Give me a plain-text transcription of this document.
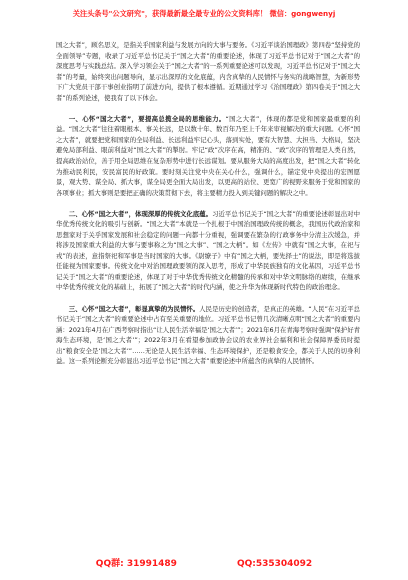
关注头条号"公文研究"，获得最新最全最专业的公文资料库！ 微信：gongwenyj

国之大者”，顾名思义，是指关乎国家利益与发展方向的大事与要务。《习近平谈治国理政》第四卷“坚持党的全面领导”专题，收录了习近平总书记关于“国之大者”的重要论述，体现了习近平总书记对于“国之大者”的深度思考与实践总结。深入学习领会关于“国之大者”的一系列重要论述可以发现，习近平总书记对于“国之大者”的考量，始终突出问题导向，显示出深厚的文化底蕴，内含真挚的人民情怀与务实的战略智慧，为新形势下广大党员干部干事创业指明了前进方向，提供了根本遵循。近期通过学习《治国理政》第四卷关于“国之大者”的系列论述，使我有了以下体会。

一、心怀“国之大者”，要提高总揽全局的思维能力。“国之大者”，体现的都是党和国家最重要的利益。“国之大者”往往着眼根本、事关长远，是以数十年、数百年乃至上千年来审视解决的重大问题。心怀“国之大者”，就要把党和国家的全局利益、长远利益牢记心头，落到实处，要有大智慧、大担当、大格局，坚决避免局部利益、眼前利益对“国之大者”的掣肘。牢记“政”次序在高，精准的、“政”次序的管理是人类自然，提高政治站位，善于用全局思维在复杂形势中进行长远谋划。要从服务大局的高度出发，把“国之大者”转化为推动民利民，安民富民的好政策。要时刻关注党中央在关心什么，强调什么，锚定党中央提出的宏图愿景，观大势、谋全局、抓大事，谋全局更全面大局出发，以更高的站位、更宽广的视野来服务于党和国家的各项事业；抓大事则是要把正确的决策贯彻下去，将主要精力投入到关键问题的解决之中。

二、心怀“国之大者”，体现深厚的传统文化底蕴。习近平总书记关于“国之大者”的重要论述彰显出对中华优秀传统文化的吸引与创新。“国之大者”本就是一个扎根于中国治国理政传统的概念，我国历代政治家和思想家对于关乎国家发展和社会稳定的问题一向都十分重视，强调要在繁杂的行政事务中分清主次缓急，并将涉及国家重大利益的大事与要事称之为“国之大事”、“国之大柄”。如《左传》中就有“国之大事，在祀与戎”的表述，意指祭祀和军事是当时国家的大事。《尉缭子》中有“国之大柄，要先择士”的说法，即是将选拔任能视为国家要事。传统文化中对治国理政要领的深入思考，形成了中华民族独有的文化基因，习近平总书记关于“国之大者”的重要论述，体现了对于中华优秀传统文化精髓的传承和对中华文明脉络的赓续，在继承中华优秀传统文化的基础上，拓展了“国之大者”的时代内涵，使之升华为体现新时代特色的政治理念。

三、心怀“国之大者”，彰显真挚的为民情怀。人民是历史的创造者，是真正的英雄。“人民”在习近平总书记关于“国之大者”的重要论述中占有至关重要的地位。习近平总书记曾几次清晰点明“国之大者”的重要内涵：2021年4月在广西考察时指出“让人民生活幸福是‘国之大者’”；2021年6月在青海考察时强调“保护好青海生态环境，是‘国之大者’”；2022年3月在看望参加政协会议的农业界社会福利和社会保障界委员时提出“粮食安全是‘国之大者’”……无论是人民生活幸福、生态环境保护，还是粮食安全，都关于人民的切身利益。这一系列论断充分彰显出习近平总书记“国之大者”重要论述中所蕴含的真挚的人民情怀。

QQ群: 31991489	QQ:535304092
